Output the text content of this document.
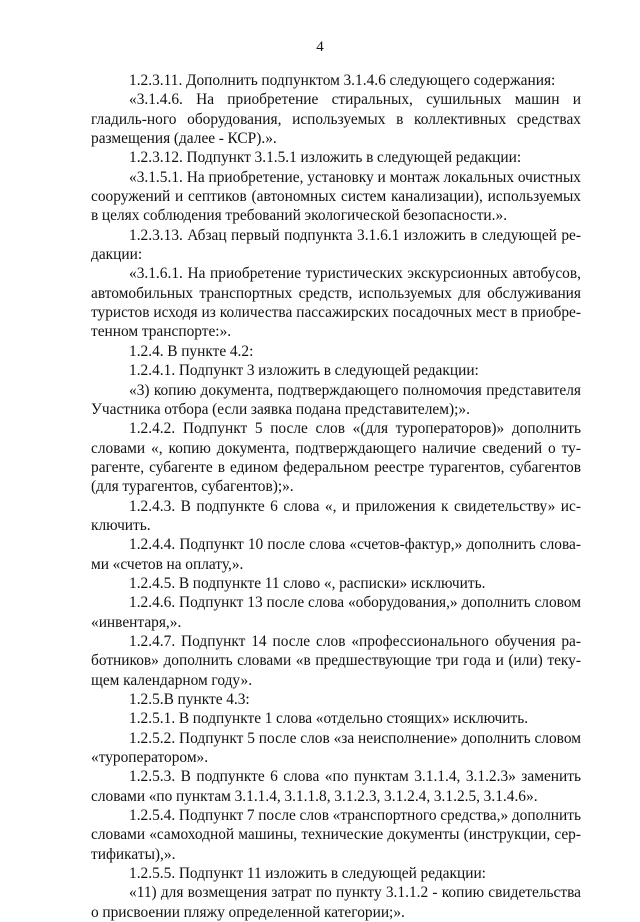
4

1.2.3.11. Дополнить подпунктом 3.1.4.6 следующего содержания:

«3.1.4.6. На приобретение стиральных, сушильных машин и гладиль-ного оборудования, используемых в коллективных средствах размещения (далее - КСР).».

1.2.3.12. Подпункт 3.1.5.1 изложить в следующей редакции:

«3.1.5.1. На приобретение, установку и монтаж локальных очистных сооружений и септиков (автономных систем канализации), используемых в целях соблюдения требований экологической безопасности.».

1.2.3.13. Абзац первый подпункта 3.1.6.1 изложить в следующей ре-дакции:

«3.1.6.1. На приобретение туристических экскурсионных автобусов, автомобильных транспортных средств, используемых для обслуживания туристов исходя из количества пассажирских посадочных мест в приобре-тенном транспорте:».

1.2.4. В пункте 4.2:

1.2.4.1. Подпункт 3 изложить в следующей редакции:

«3) копию документа, подтверждающего полномочия представителя Участника отбора (если заявка подана представителем);».

1.2.4.2. Подпункт 5 после слов «(для туроператоров)» дополнить словами «, копию документа, подтверждающего наличие сведений о ту-рагенте, субагенте в едином федеральном реестре турагентов, субагентов (для турагентов, субагентов);».

1.2.4.3. В подпункте 6 слова «, и приложения к свидетельству» ис-ключить.

1.2.4.4. Подпункт 10 после слова «счетов-фактур,» дополнить слова-ми «счетов на оплату,».

1.2.4.5. В подпункте 11 слово «, расписки» исключить.

1.2.4.6. Подпункт 13 после слова «оборудования,» дополнить словом «инвентаря,».

1.2.4.7. Подпункт 14 после слов «профессионального обучения ра-ботников» дополнить словами «в предшествующие три года и (или) теку-щем календарном году».

1.2.5.В пункте 4.3:

1.2.5.1. В подпункте 1 слова «отдельно стоящих» исключить.

1.2.5.2. Подпункт 5 после слов «за неисполнение» дополнить словом «туроператором».

1.2.5.3. В подпункте 6 слова «по пунктам 3.1.1.4, 3.1.2.3» заменить словами «по пунктам 3.1.1.4, 3.1.1.8, 3.1.2.3, 3.1.2.4, 3.1.2.5, 3.1.4.6».

1.2.5.4. Подпункт 7 после слов «транспортного средства,» дополнить словами «самоходной машины, технические документы (инструкции, сер-тификаты),».

1.2.5.5. Подпункт 11 изложить в следующей редакции:

«11) для возмещения затрат по пункту 3.1.1.2 - копию свидетельства о присвоении пляжу определенной категории;».
